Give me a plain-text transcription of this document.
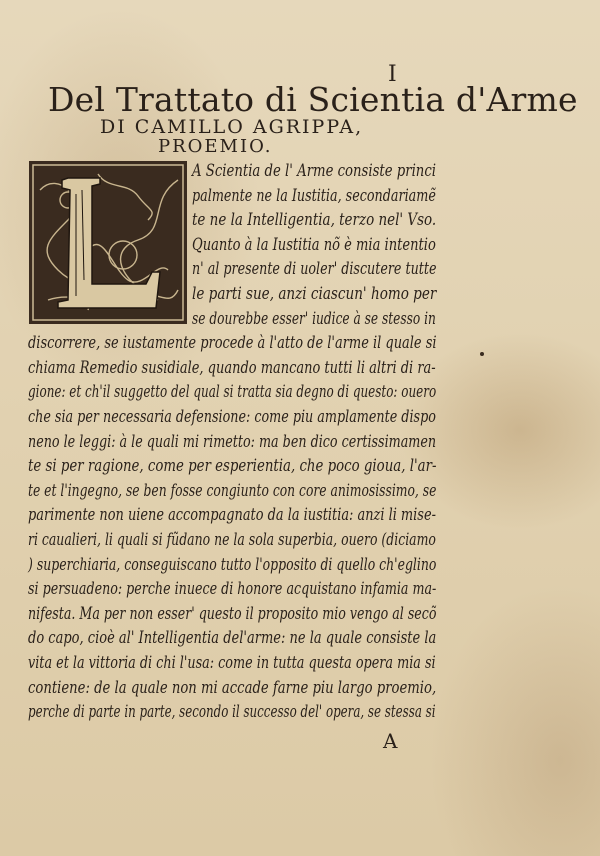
I
Del Trattato di Scientia d'Arme
DI CAMILLO AGRIPPA,
PROEMIO.
A Scientia de l' Arme consiste princi
palmente ne la Iustitia, secondariamẽ
te ne la Intelligentia, terzo nel' Vso.
Quanto à la Iustitia nõ è mia intentio
n' al presente di uoler' discutere tutte
le parti sue, anzi ciascun' homo per
se dourebbe esser' iudice à se stesso in
discorrere, se iustamente procede à l'atto de l'arme il quale si
chiama Remedio susidiale, quando mancano tutti li altri di ra-
gione: et ch'il suggetto del qual si tratta sia degno di questo: ouero
che sia per necessaria defensione: come piu amplamente dispo
neno le leggi: à le quali mi rimetto: ma ben dico certissimamen
te si per ragione, come per esperientia, che poco gioua, l'ar-
te et l'ingegno, se ben fosse congiunto con core animosissimo, se
parimente non uiene accompagnato da la iustitia: anzi li mise-
ri caualieri, li quali si fũdano ne la sola superbia, ouero (diciamo
) superchiaria, conseguiscano tutto l'opposito di quello ch'eglino
si persuadeno: perche inuece di honore acquistano infamia ma-
nifesta. Ma per non esser' questo il proposito mio vengo al secõ
do capo, cioè al' Intelligentia del'arme: ne la quale consiste la
vita et la vittoria di chi l'usa: come in tutta questa opera mia si
contiene: de la quale non mi accade farne piu largo proemio,
perche di parte in parte, secondo il successo del' opera, se stessa si
A
